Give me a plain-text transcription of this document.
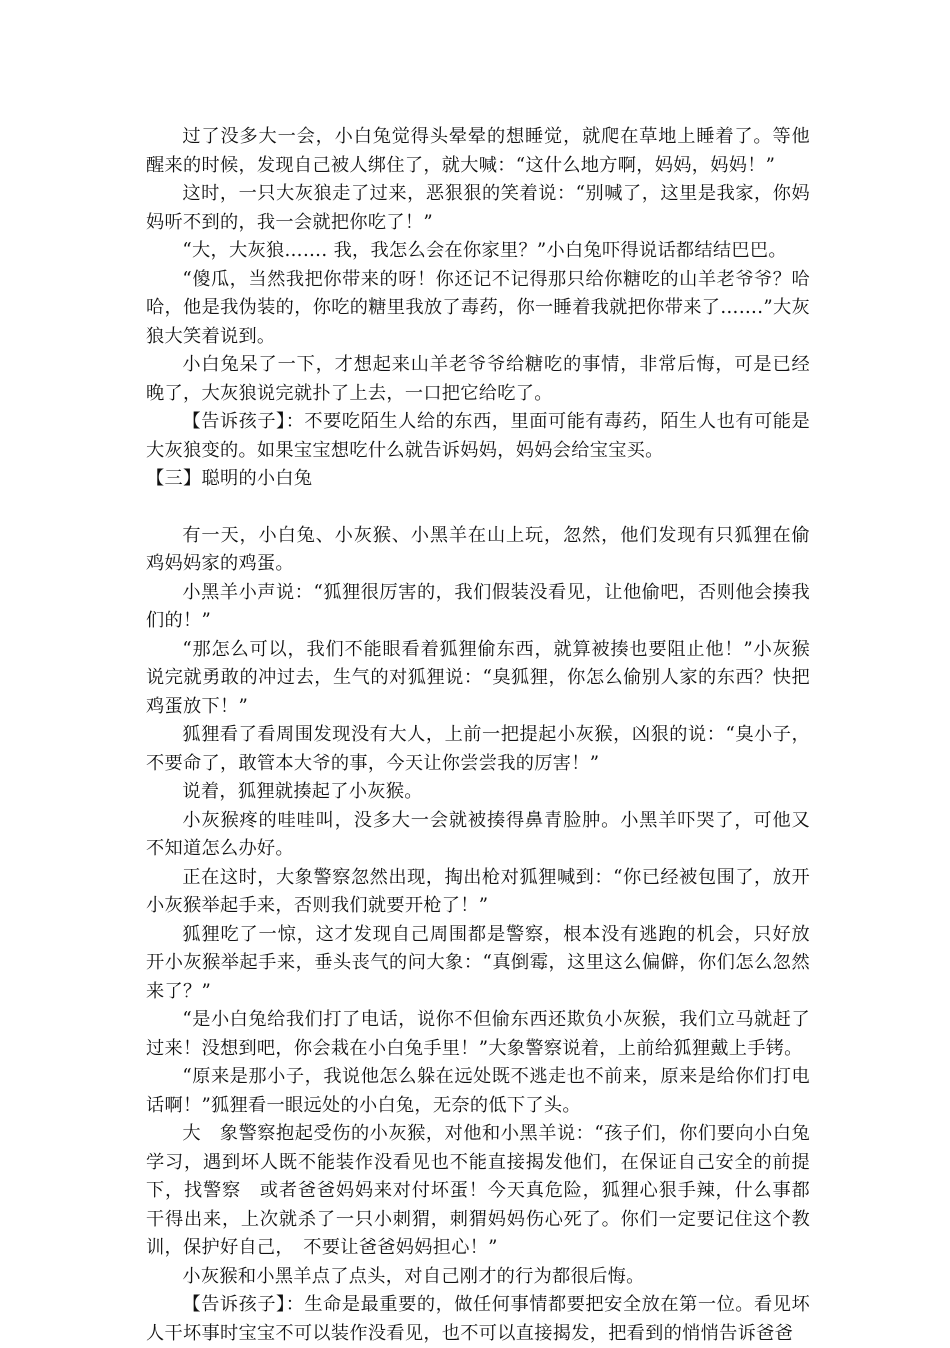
过了没多大一会，小白兔觉得头晕晕的想睡觉，就爬在草地上睡着了。等他醒来的时候，发现自己被人绑住了，就大喊：“这什么地方啊，妈妈，妈妈！”

这时，一只大灰狼走了过来，恶狠狠的笑着说：“别喊了，这里是我家，你妈妈听不到的，我一会就把你吃了！”

“大，大灰狼……. 我，我怎么会在你家里？”小白兔吓得说话都结结巴巴。

“傻瓜，当然我把你带来的呀！你还记不记得那只给你糖吃的山羊老爷爷？哈哈，他是我伪装的，你吃的糖里我放了毒药，你一睡着我就把你带来了…….”大灰狼大笑着说到。

小白兔呆了一下，才想起来山羊老爷爷给糖吃的事情，非常后悔，可是已经晚了，大灰狼说完就扑了上去，一口把它给吃了。

【告诉孩子】：不要吃陌生人给的东西，里面可能有毒药，陌生人也有可能是大灰狼变的。如果宝宝想吃什么就告诉妈妈，妈妈会给宝宝买。

【三】聪明的小白兔

有一天，小白兔、小灰猴、小黑羊在山上玩，忽然，他们发现有只狐狸在偷鸡妈妈家的鸡蛋。

小黑羊小声说：“狐狸很厉害的，我们假装没看见，让他偷吧，否则他会揍我们的！”

“那怎么可以，我们不能眼看着狐狸偷东西，就算被揍也要阻止他！”小灰猴说完就勇敢的冲过去，生气的对狐狸说：“臭狐狸，你怎么偷别人家的东西？快把鸡蛋放下！”

狐狸看了看周围发现没有大人，上前一把提起小灰猴，凶狠的说：“臭小子，不要命了，敢管本大爷的事，今天让你尝尝我的厉害！”

说着，狐狸就揍起了小灰猴。

小灰猴疼的哇哇叫，没多大一会就被揍得鼻青脸肿。小黑羊吓哭了，可他又不知道怎么办好。

正在这时，大象警察忽然出现，掏出枪对狐狸喊到：“你已经被包围了，放开小灰猴举起手来，否则我们就要开枪了！”

狐狸吃了一惊，这才发现自己周围都是警察，根本没有逃跑的机会，只好放开小灰猴举起手来，垂头丧气的问大象：“真倒霉，这里这么偏僻，你们怎么忽然来了？”

“是小白兔给我们打了电话，说你不但偷东西还欺负小灰猴，我们立马就赶了过来！没想到吧，你会栽在小白兔手里！”大象警察说着，上前给狐狸戴上手铐。

“原来是那小子，我说他怎么躲在远处既不逃走也不前来，原来是给你们打电话啊！”狐狸看一眼远处的小白兔，无奈的低下了头。

大　象警察抱起受伤的小灰猴，对他和小黑羊说：“孩子们，你们要向小白兔学习，遇到坏人既不能装作没看见也不能直接揭发他们，在保证自己安全的前提下，找警察　或者爸爸妈妈来对付坏蛋！今天真危险，狐狸心狠手辣，什么事都干得出来，上次就杀了一只小刺猬，刺猬妈妈伤心死了。你们一定要记住这个教训，保护好自己，　不要让爸爸妈妈担心！”

小灰猴和小黑羊点了点头，对自己刚才的行为都很后悔。

【告诉孩子】：生命是最重要的，做任何事情都要把安全放在第一位。看见坏人干坏事时宝宝不可以装作没看见，也不可以直接揭发，把看到的悄悄告诉爸爸
